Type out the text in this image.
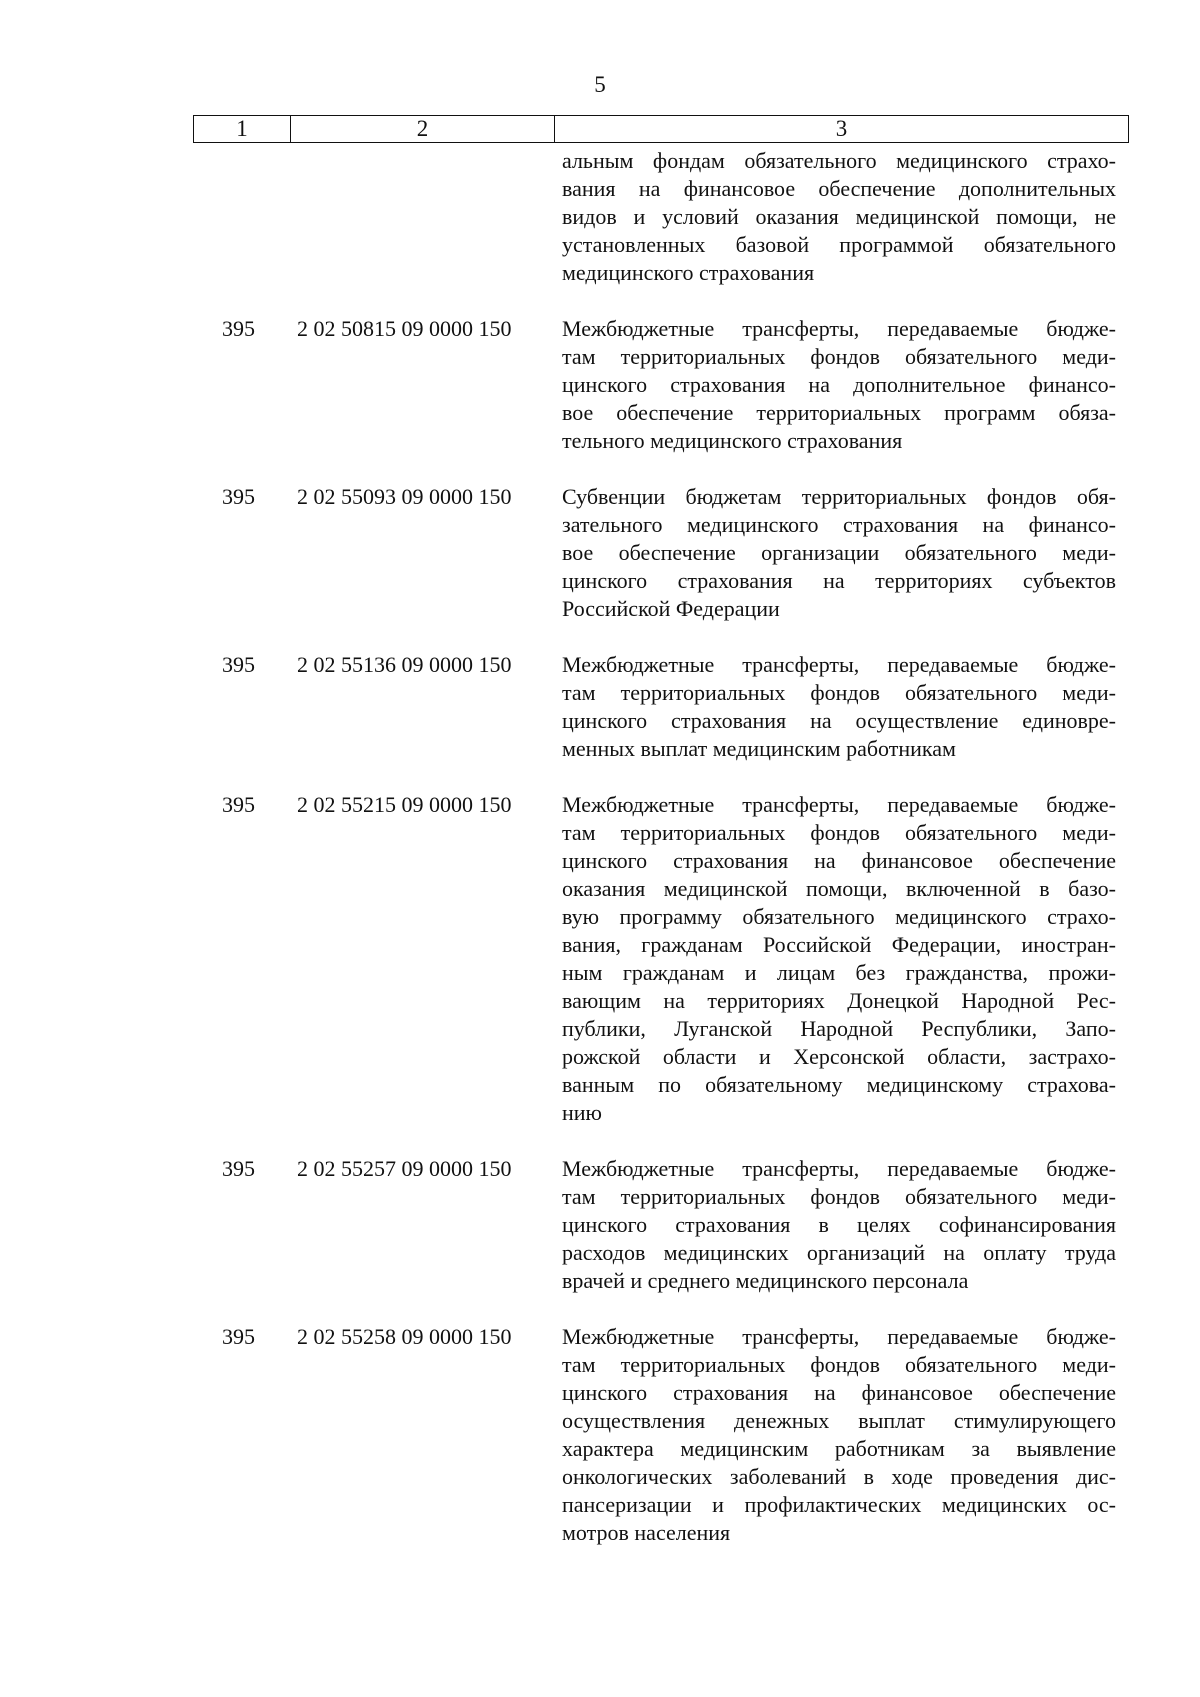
5
1	2	3
альным фондам обязательного медицинского страхо-
вания на финансовое обеспечение дополнительных
видов и условий оказания медицинской помощи, не
установленных базовой программой обязательного
медицинского страхования
395	2 02 50815 09 0000 150	Межбюджетные трансферты, передаваемые бюдже-
там территориальных фондов обязательного меди-
цинского страхования на дополнительное финансо-
вое обеспечение территориальных программ обяза-
тельного медицинского страхования
395	2 02 55093 09 0000 150	Субвенции бюджетам территориальных фондов обя-
зательного медицинского страхования на финансо-
вое обеспечение организации обязательного меди-
цинского страхования на территориях субъектов
Российской Федерации
395	2 02 55136 09 0000 150	Межбюджетные трансферты, передаваемые бюдже-
там территориальных фондов обязательного меди-
цинского страхования на осуществление единовре-
менных выплат медицинским работникам
395	2 02 55215 09 0000 150	Межбюджетные трансферты, передаваемые бюдже-
там территориальных фондов обязательного меди-
цинского страхования на финансовое обеспечение
оказания медицинской помощи, включенной в базо-
вую программу обязательного медицинского страхо-
вания, гражданам Российской Федерации, иностран-
ным гражданам и лицам без гражданства, прожи-
вающим на территориях Донецкой Народной Рес-
публики, Луганской Народной Республики, Запо-
рожской области и Херсонской области, застрахо-
ванным по обязательному медицинскому страхова-
нию
395	2 02 55257 09 0000 150	Межбюджетные трансферты, передаваемые бюдже-
там территориальных фондов обязательного меди-
цинского страхования в целях софинансирования
расходов медицинских организаций на оплату труда
врачей и среднего медицинского персонала
395	2 02 55258 09 0000 150	Межбюджетные трансферты, передаваемые бюдже-
там территориальных фондов обязательного меди-
цинского страхования на финансовое обеспечение
осуществления денежных выплат стимулирующего
характера медицинским работникам за выявление
онкологических заболеваний в ходе проведения дис-
пансеризации и профилактических медицинских ос-
мотров населения
